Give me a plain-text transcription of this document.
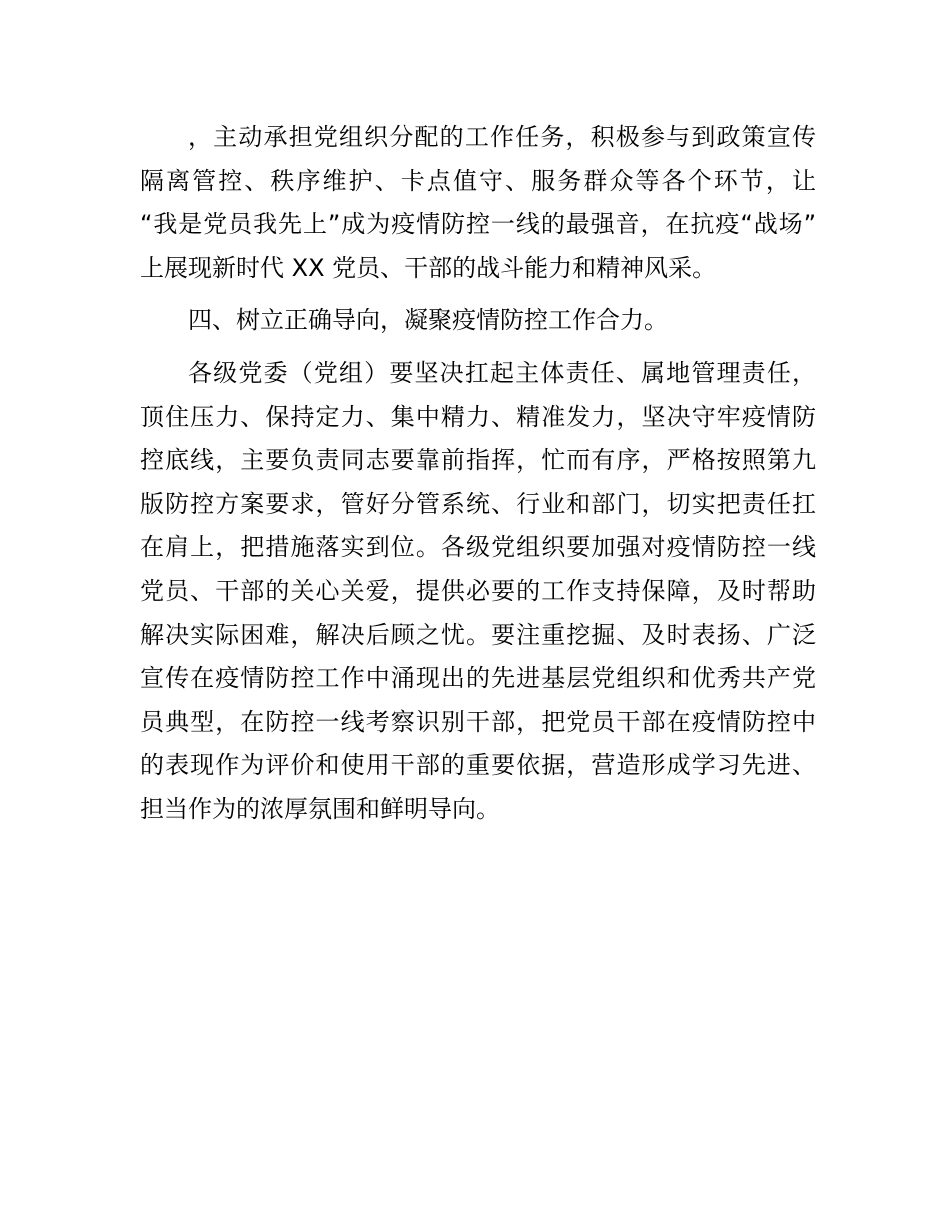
，主动承担党组织分配的工作任务，积极参与到政策宣传
隔离管控、秩序维护、卡点值守、服务群众等各个环节，让
“我是党员我先上”成为疫情防控一线的最强音，在抗疫“战场”
上展现新时代 XX 党员、干部的战斗能力和精神风采。
四、树立正确导向，凝聚疫情防控工作合力。
各级党委（党组）要坚决扛起主体责任、属地管理责任，
顶住压力、保持定力、集中精力、精准发力，坚决守牢疫情防
控底线，主要负责同志要靠前指挥，忙而有序，严格按照第九
版防控方案要求，管好分管系统、行业和部门，切实把责任扛
在肩上，把措施落实到位。各级党组织要加强对疫情防控一线
党员、干部的关心关爱，提供必要的工作支持保障，及时帮助
解决实际困难，解决后顾之忧。要注重挖掘、及时表扬、广泛
宣传在疫情防控工作中涌现出的先进基层党组织和优秀共产党
员典型，在防控一线考察识别干部，把党员干部在疫情防控中
的表现作为评价和使用干部的重要依据，营造形成学习先进、
担当作为的浓厚氛围和鲜明导向。
